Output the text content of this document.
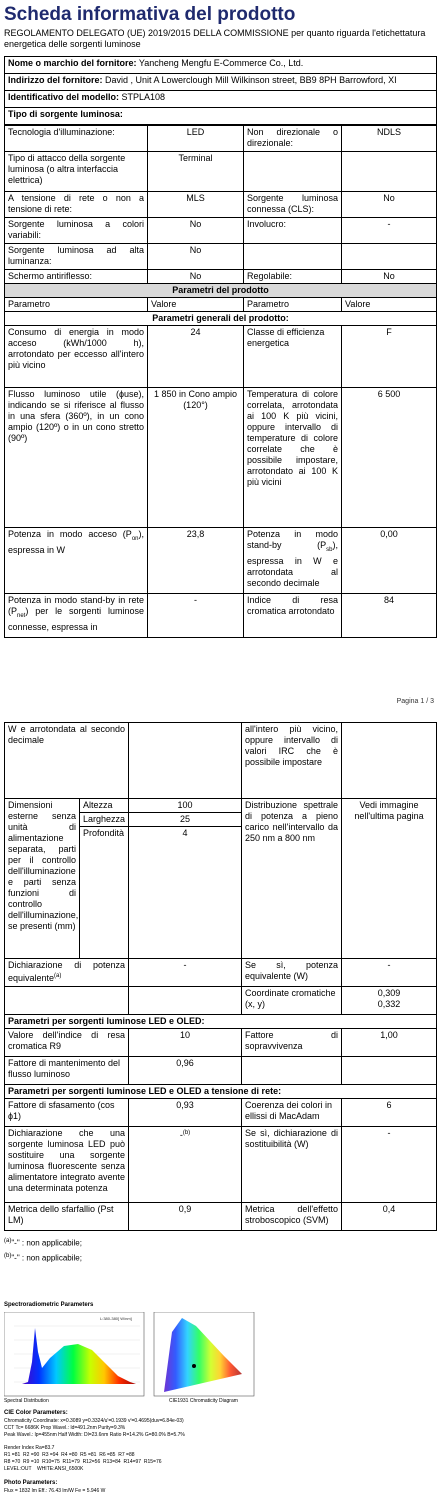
Scheda informativa del prodotto
REGOLAMENTO DELEGATO (UE) 2019/2015 DELLA COMMISSIONE per quanto riguarda l'etichettatura energetica delle sorgenti luminose
Nome o marchio del fornitore: Yancheng Mengfu E-Commerce Co., Ltd.
Indirizzo del fornitore: David , Unit A Lowerclough Mill Wilkinson street, BB9 8PH Barrowford, XI
Identificativo del modello: STPLA108
Tipo di sorgente luminosa:
Tecnologia d'illuminazione:	LED	Non direzionale o direzionale:	NDLS
Tipo di attacco della sorgente luminosa (o altra interfaccia elettrica)	Terminal		
A tensione di rete o non a tensione di rete:	MLS	Sorgente luminosa connessa (CLS):	No
Sorgente luminosa a colori variabili:	No	Involucro:	-
Sorgente luminosa ad alta luminanza:	No		
Schermo antiriflesso:	No	Regolabile:	No
Parametri del prodotto			
Parametro	Valore	Parametro	Valore
Parametri generali del prodotto:			
Consumo di energia in modo acceso (kWh/1000 h), arrotondato per eccesso all'intero più vicino	24	Classe di efficienza energetica	F
Flusso luminoso utile (ɸuse), indicando se si riferisce al flusso in una sfera (360º), in un cono ampio (120º) o in un cono stretto (90º)	1 850 in Cono ampio (120°)	Temperatura di colore correlata, arrotondata ai 100 K più vicini, oppure intervallo di temperature di colore correlate che è possibile impostare, arrotondato ai 100 K più vicini	6 500
Potenza in modo acceso $(P_{on})$, espressa in W	23,8	Potenza in modo stand-by $(P_{sb})$, espressa in W e arrotondata al secondo decimale	0,00
Potenza in modo stand-by in rete $(P_{net})$ per le sorgenti luminose connesse, espressa in	-	Indice di resa cromatica arrotondato	84
Pagina 1 / 3
W e arrotondata al secondo decimale			all'intero più vicino, oppure intervallo di valori IRC che è possibile impostare	
Dimensioni esterne senza unità di alimentazione separata, parti per il controllo dell'illuminazione e parti senza funzioni di controllo dell'illuminazione, se presenti (mm)	Altezza	100	Distribuzione spettrale di potenza a pieno carico nell'intervallo da 250 nm a 800 nm	Vedi immagine nell'ultima pagina
	Larghezza	25		
	Profondità	4		
Dichiarazione di potenza equivalente$^{(a)}$		-	Se sì, potenza equivalente (W)	-
			Coordinate cromatiche (x, y)	0,309
0,332

Parametri per sorgenti luminose LED e OLED:				
Valore dell'indice di resa cromatica R9		10	Fattore di sopravvivenza	1,00
Fattore di mantenimento del flusso luminoso		0,96		
Parametri per sorgenti luminose LED e OLED a tensione di rete:				
Fattore di sfasamento (cos ɸ1)		0,93	Coerenza dei colori in ellissi di MacAdam	6
Dichiarazione che una sorgente luminosa LED può sostituire una sorgente luminosa fluorescente senza alimentatore integrato avente una determinata potenza		-$^{(b)}$	Se sì, dichiarazione di sostituibilità (W)	-
Metrica dello sfarfallio (Pst LM)		0,9	Metrica dell'effetto stroboscopico (SVM)	0,4
$^{(a)}$"-" : non applicabile;
$^{(b)}$"-" : non applicabile;
Spectroradiometric Parameters
L:380-380[ W/nm]
Spectral Distribution	CIE1931 Chromaticity Diagram
CIE Color Parameters:
Chromaticity Coordinate: x=0.3089 y=0.3324/u'=0.1939 v'=0.4695(duv=6.84e-03)
CCT Tc= 6686K Prop Wavel.: ld=491.2nm Purity=9.3%
Peak Wavel.: lp=455nm Half Width: Dl=23.6nm Ratio R=14.2% G=80.0% B=5.7%
Render Index Ra=83.7
R1 =81  R2 =90  R3 =94  R4 =80  R5 =81  R6 =85  R7 =88
R8 =70  R9 =10  R10=75  R11=79  R12=56  R13=84  R14=97  R15=76
LEVEL:OUT    WHITE:ANSI_6500K
Photo Parameters:
Flux = 1832 lm Eff.: 76.43 lm/W Fe = 5.946 W
